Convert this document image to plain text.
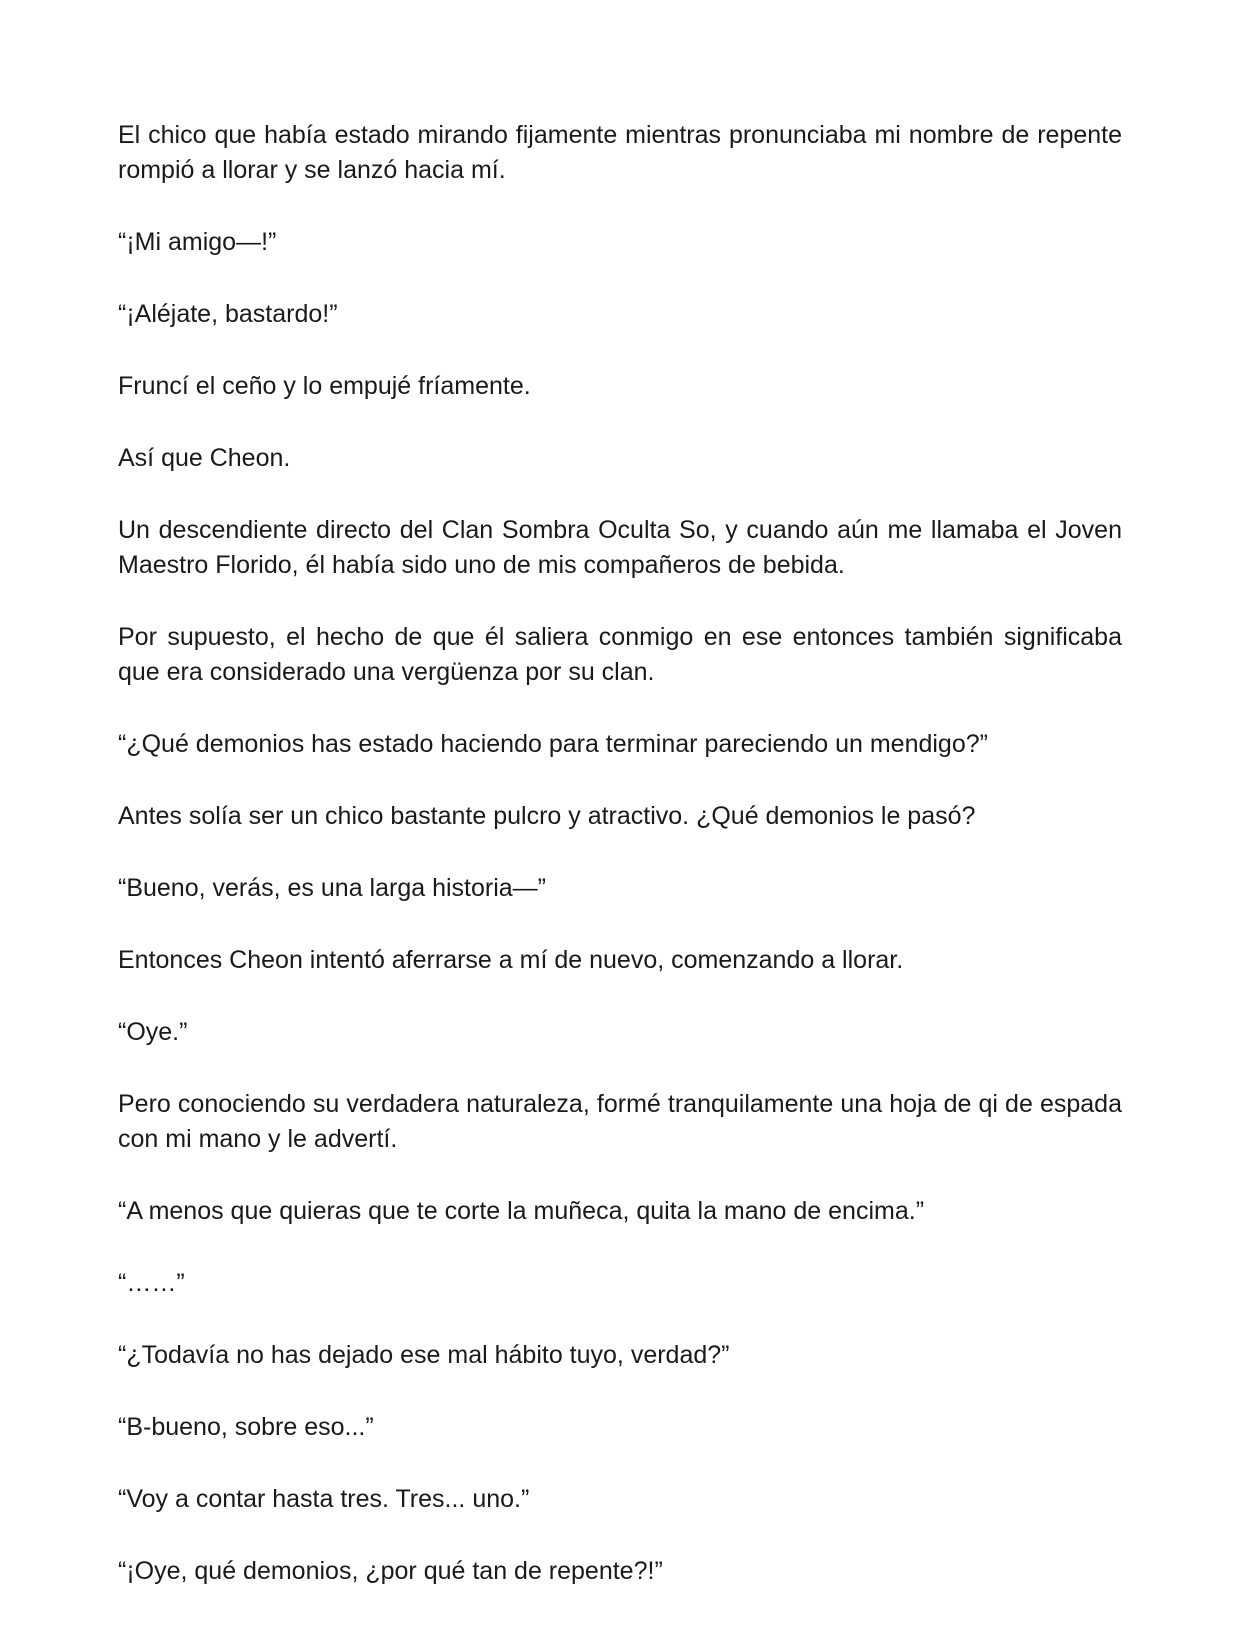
El chico que había estado mirando fijamente mientras pronunciaba mi nombre de repente rompió a llorar y se lanzó hacia mí.

“¡Mi amigo—!”

“¡Aléjate, bastardo!”

Fruncí el ceño y lo empujé fríamente.

Así que Cheon.

Un descendiente directo del Clan Sombra Oculta So, y cuando aún me llamaba el Joven Maestro Florido, él había sido uno de mis compañeros de bebida.

Por supuesto, el hecho de que él saliera conmigo en ese entonces también significaba que era considerado una vergüenza por su clan.

“¿Qué demonios has estado haciendo para terminar pareciendo un mendigo?”

Antes solía ser un chico bastante pulcro y atractivo. ¿Qué demonios le pasó?

“Bueno, verás, es una larga historia—”

Entonces Cheon intentó aferrarse a mí de nuevo, comenzando a llorar.

“Oye.”

Pero conociendo su verdadera naturaleza, formé tranquilamente una hoja de qi de espada con mi mano y le advertí.

“A menos que quieras que te corte la muñeca, quita la mano de encima.”

“……”

“¿Todavía no has dejado ese mal hábito tuyo, verdad?”

“B-bueno, sobre eso...”

“Voy a contar hasta tres. Tres... uno.”

“¡Oye, qué demonios, ¿por qué tan de repente?!”
